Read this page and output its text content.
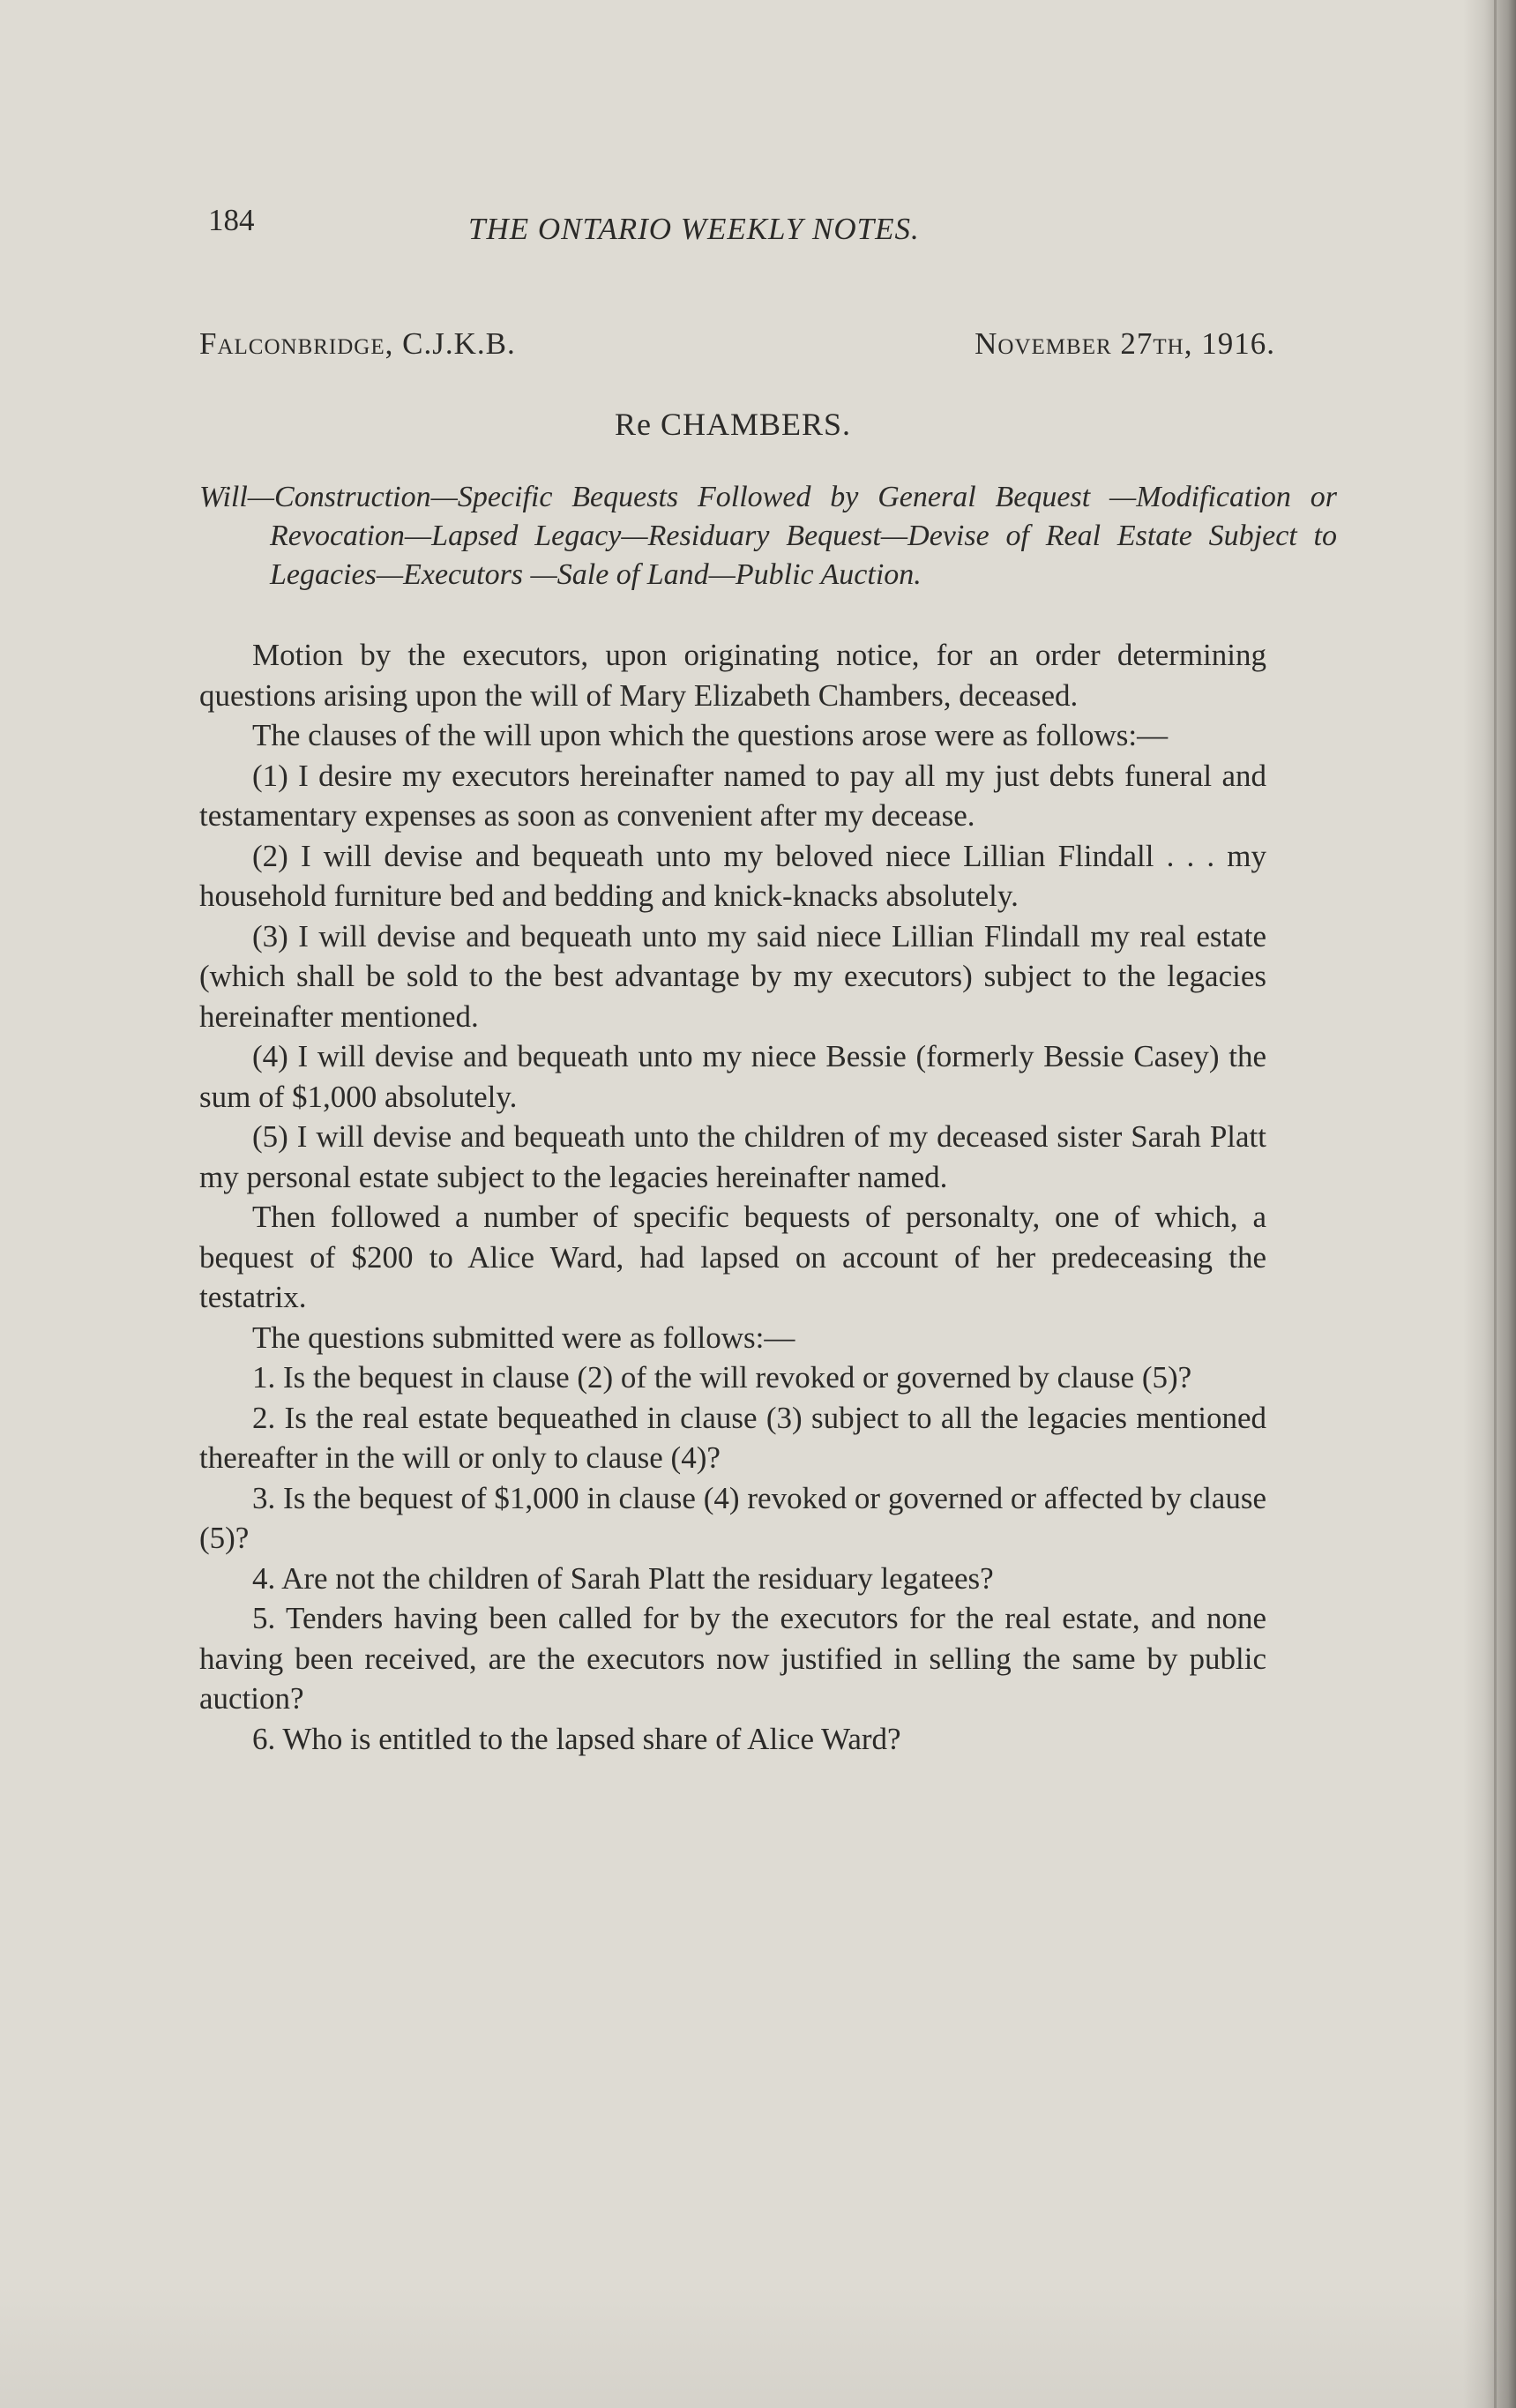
184	THE ONTARIO WEEKLY NOTES.
Falconbridge, C.J.K.B.	November 27th, 1916.
Re CHAMBERS.
Will—Construction—Specific Bequests Followed by General Bequest —Modification or Revocation—Lapsed Legacy—Residuary Bequest—Devise of Real Estate Subject to Legacies—Executors —Sale of Land—Public Auction.

Motion by the executors, upon originating notice, for an order determining questions arising upon the will of Mary Elizabeth Chambers, deceased.

The clauses of the will upon which the questions arose were as follows:—

(1) I desire my executors hereinafter named to pay all my just debts funeral and testamentary expenses as soon as convenient after my decease.

(2) I will devise and bequeath unto my beloved niece Lillian Flindall . . . my household furniture bed and bedding and knick-knacks absolutely.

(3) I will devise and bequeath unto my said niece Lillian Flindall my real estate (which shall be sold to the best advantage by my executors) subject to the legacies hereinafter mentioned.

(4) I will devise and bequeath unto my niece Bessie (formerly Bessie Casey) the sum of $1,000 absolutely.

(5) I will devise and bequeath unto the children of my deceased sister Sarah Platt my personal estate subject to the legacies hereinafter named.

Then followed a number of specific bequests of personalty, one of which, a bequest of $200 to Alice Ward, had lapsed on account of her predeceasing the testatrix.

The questions submitted were as follows:—

1. Is the bequest in clause (2) of the will revoked or governed by clause (5)?

2. Is the real estate bequeathed in clause (3) subject to all the legacies mentioned thereafter in the will or only to clause (4)?

3. Is the bequest of $1,000 in clause (4) revoked or governed or affected by clause (5)?

4. Are not the children of Sarah Platt the residuary legatees?

5. Tenders having been called for by the executors for the real estate, and none having been received, are the executors now justified in selling the same by public auction?

6. Who is entitled to the lapsed share of Alice Ward?
